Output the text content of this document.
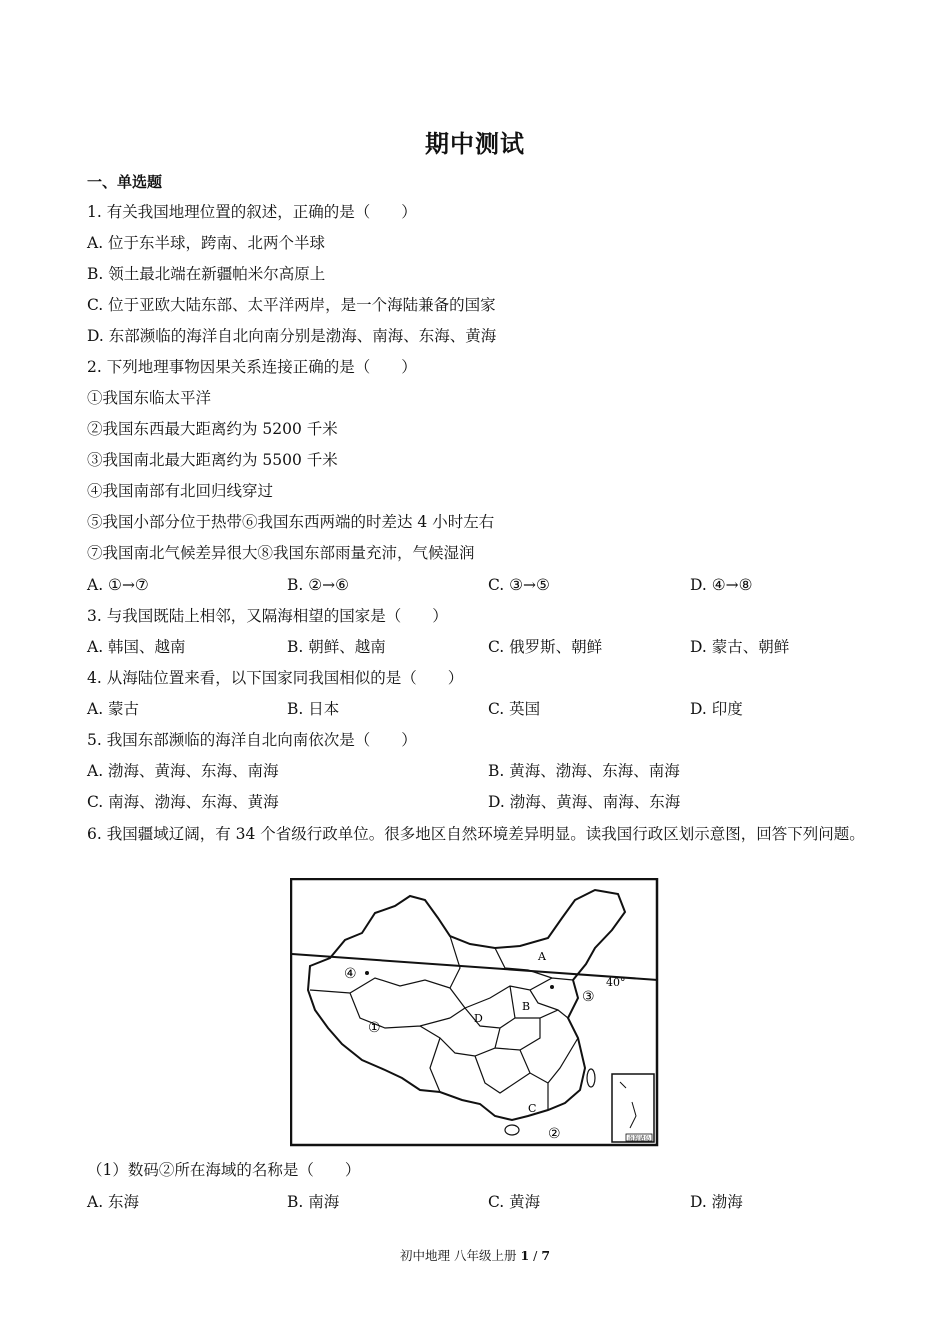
期中测试
一、单选题
1. 有关我国地理位置的叙述，正确的是（　　）
A. 位于东半球，跨南、北两个半球
B. 领土最北端在新疆帕米尔高原上
C. 位于亚欧大陆东部、太平洋两岸，是一个海陆兼备的国家
D. 东部濒临的海洋自北向南分别是渤海、南海、东海、黄海
2. 下列地理事物因果关系连接正确的是（　　）
①我国东临太平洋
②我国东西最大距离约为 5200 千米
③我国南北最大距离约为 5500 千米
④我国南部有北回归线穿过
⑤我国小部分位于热带⑥我国东西两端的时差达 4 小时左右
⑦我国南北气候差异很大⑧我国东部雨量充沛，气候湿润
A. ①→⑦	B. ②→⑥	C. ③→⑤	D. ④→⑧
3. 与我国既陆上相邻，又隔海相望的国家是（　　）
A. 韩国、越南	B. 朝鲜、越南	C. 俄罗斯、朝鲜	D. 蒙古、朝鲜
4. 从海陆位置来看，以下国家同我国相似的是（　　）
A. 蒙古	B. 日本	C. 英国	D. 印度
5. 我国东部濒临的海洋自北向南依次是（　　）
A. 渤海、黄海、东海、南海	B. 黄海、渤海、东海、南海
C. 南海、渤海、东海、黄海	D. 渤海、黄海、南海、东海
6. 我国疆域辽阔，有 34 个省级行政单位。很多地区自然环境差异明显。读我国行政区划示意图，回答下列问题。
南海诸岛
A
B
C
D
①
②
③
④
40°
（1）数码②所在海域的名称是（　　）
A. 东海	B. 南海	C. 黄海	D. 渤海
初中地理 八年级上册 1 / 7
